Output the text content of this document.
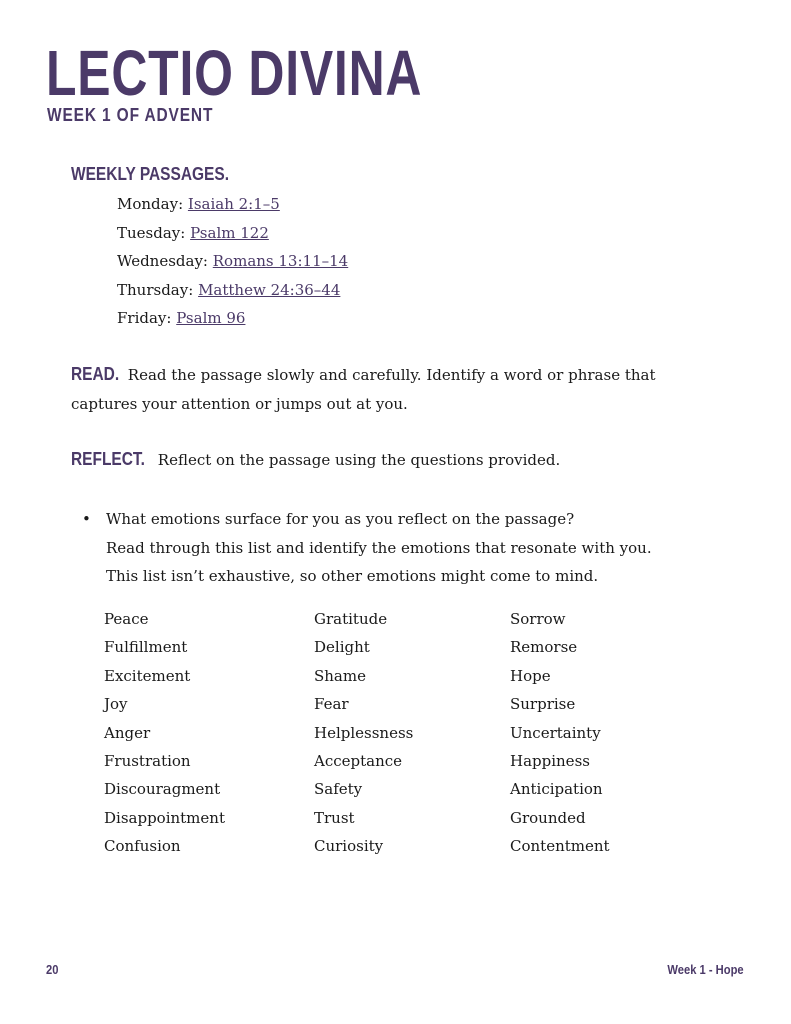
LECTIO DIVINA
WEEK 1 OF ADVENT
WEEKLY PASSAGES.
Monday: Isaiah 2:1–5
Tuesday: Psalm 122
Wednesday: Romans 13:11–14
Thursday: Matthew 24:36–44
Friday: Psalm 96
READ. Read the passage slowly and carefully. Identify a word or phrase that captures your attention or jumps out at you.
REFLECT. Reflect on the passage using the questions provided.
• What emotions surface for you as you reflect on the passage?
Read through this list and identify the emotions that resonate with you.
This list isn’t exhaustive, so other emotions might come to mind.
Peace
Fulfillment
Excitement
Joy
Anger
Frustration
Discouragment
Disappointment
Confusion
Gratitude
Delight
Shame
Fear
Helplessness
Acceptance
Safety
Trust
Curiosity
Sorrow
Remorse
Hope
Surprise
Uncertainty
Happiness
Anticipation
Grounded
Contentment
20	Week 1 - Hope
